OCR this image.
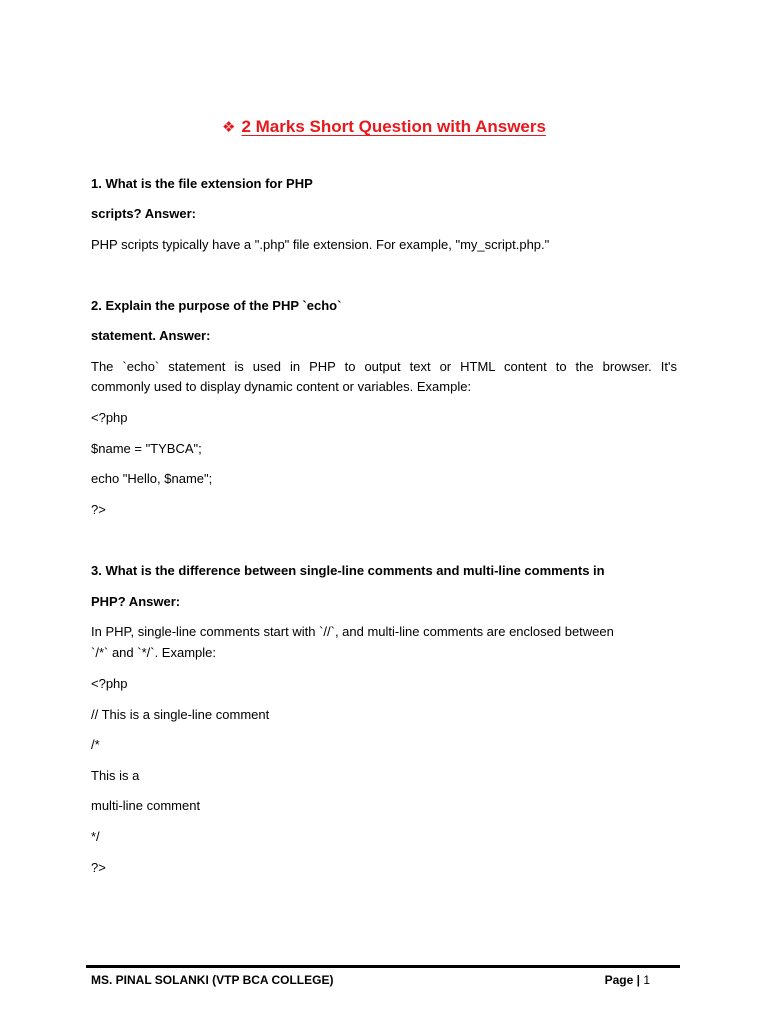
❖ 2 Marks Short Question with Answers
1. What is the file extension for PHP
scripts? Answer:
PHP scripts typically have a ".php" file extension. For example, "my_script.php."
2. Explain the purpose of the PHP `echo`
statement. Answer:
The `echo` statement is used in PHP to output text or HTML content to the browser. It's
commonly used to display dynamic content or variables. Example:
<?php
$name = "TYBCA";
echo "Hello, $name";
?>
3. What is the difference between single-line comments and multi-line comments in
PHP? Answer:
In PHP, single-line comments start with `//`, and multi-line comments are enclosed between
`/*` and `*/`. Example:
<?php
// This is a single-line comment
/*
This is a
multi-line comment
*/
?>
MS. PINAL SOLANKI (VTP BCA COLLEGE)	Page | 1
